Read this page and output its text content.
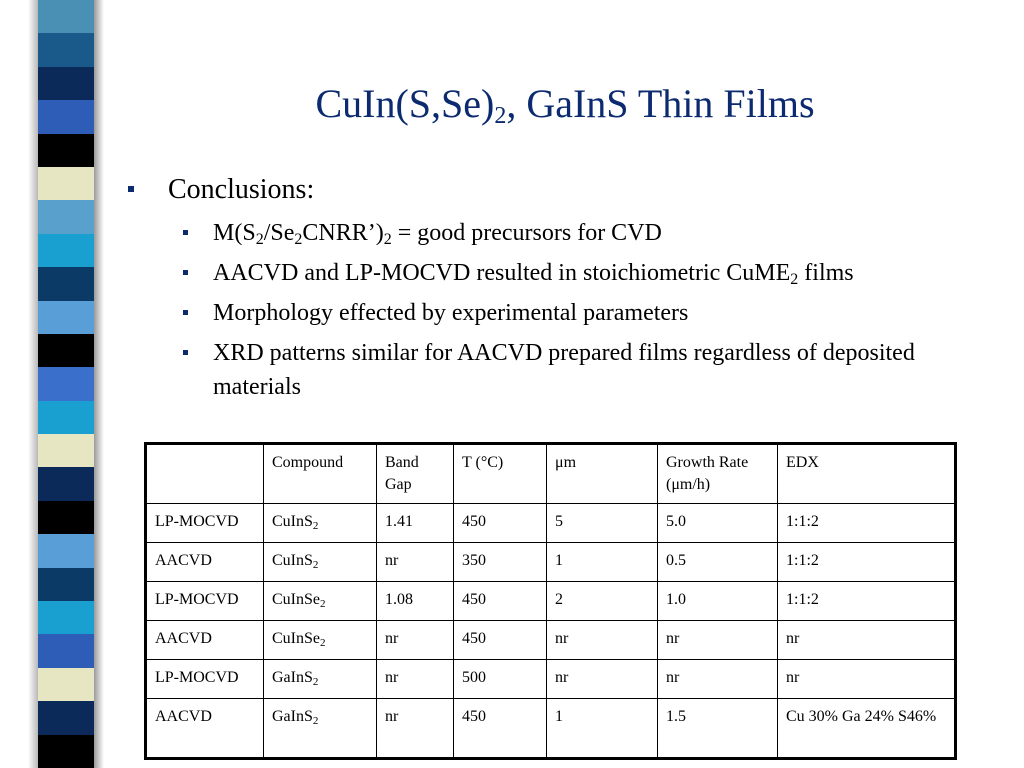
$CuIn(S,Se)_2$, GaInS Thin Films
Conclusions:
$M(S_2/Se_2CNRR’)_2$ = good precursors for CVD
AACVD and LP-MOCVD resulted in stoichiometric CuME$_2$ films
Morphology effected by experimental parameters
XRD patterns similar for AACVD prepared films regardless of deposited materials
	Compound	Band Gap	T (°C)	μm	Growth Rate (μm/h)	EDX
LP-MOCVD	CuInS$_2$	1.41	450	5	5.0	1:1:2
AACVD	CuInS$_2$	nr	350	1	0.5	1:1:2
LP-MOCVD	CuInSe$_2$	1.08	450	2	1.0	1:1:2
AACVD	CuInSe$_2$	nr	450	nr	nr	nr
LP-MOCVD	GaInS$_2$	nr	500	nr	nr	nr
AACVD	GaInS$_2$	nr	450	1	1.5	Cu 30% Ga 24% S46%
